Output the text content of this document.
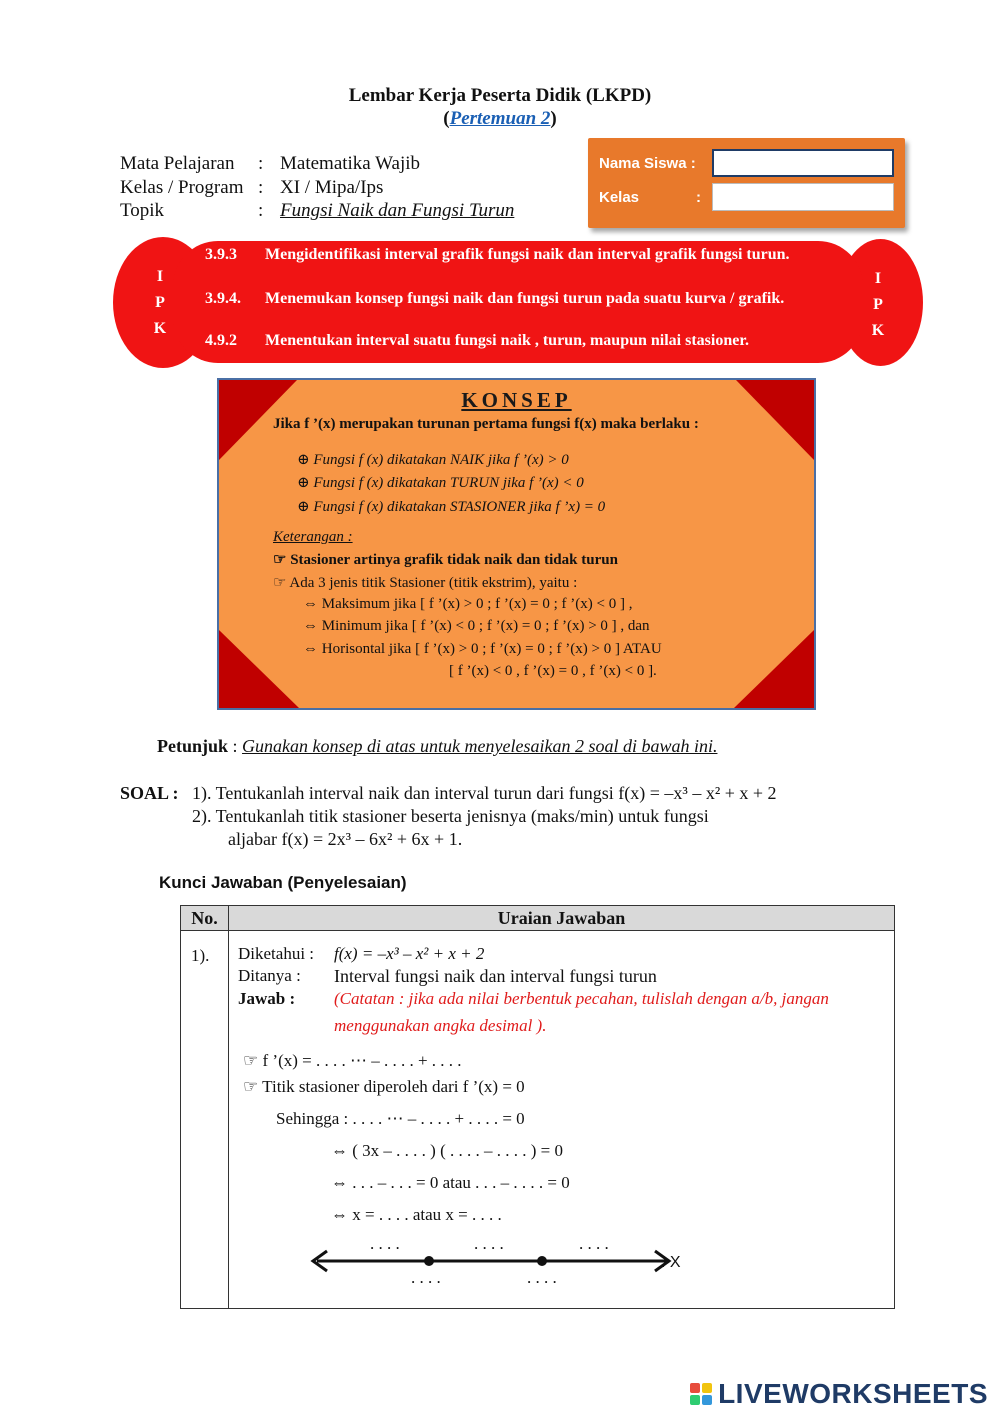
Lembar Kerja Peserta Didik (LKPD)
(Pertemuan 2)
Mata Pelajaran	: Matematika Wajib
Kelas / Program : XI / Mipa/Ips
Topik	: Fungsi Naik dan Fungsi Turun
Nama Siswa :
Kelas	:
I
P
K
I
P
K
3.9.3	Mengidentifikasi interval grafik fungsi naik dan interval grafik fungsi turun.
3.9.4.	Menemukan konsep fungsi naik dan fungsi turun pada suatu kurva / grafik.
4.9.2	Menentukan interval suatu fungsi naik , turun, maupun nilai stasioner.
KONSEP
Jika f ’(x) merupakan turunan pertama fungsi f(x) maka berlaku :
⊕ Fungsi f (x) dikatakan NAIK jika f ’(x) > 0
⊕ Fungsi f (x) dikatakan TURUN jika f ’(x) < 0
⊕ Fungsi f (x) dikatakan STASIONER jika f ’x) = 0
Keterangan :
☞ Stasioner artinya grafik tidak naik dan tidak turun
☞ Ada 3 jenis titik Stasioner (titik ekstrim), yaitu :
⇔ Maksimum jika [ f ’(x) > 0 ; f ’(x) = 0 ; f ’(x) < 0 ] ,
⇔ Minimum jika [ f ’(x) < 0 ; f ’(x) = 0 ; f ’(x) > 0 ] , dan
⇔ Horisontal jika [ f ’(x) > 0 ; f ’(x) = 0 ; f ’(x) > 0 ] ATAU
[ f ’(x) < 0 , f ’(x) = 0 , f ’(x) < 0 ].
Petunjuk : Gunakan konsep di atas untuk menyelesaikan 2 soal di bawah ini.
SOAL : 1). Tentukanlah interval naik dan interval turun dari fungsi f(x) = –x³ – x² + x + 2
2). Tentukanlah titik stasioner beserta jenisnya (maks/min) untuk fungsi
aljabar f(x) = 2x³ – 6x² + 6x + 1.
Kunci Jawaban (Penyelesaian)
No.	Uraian Jawaban
1). Diketahui : f(x) = –x³ – x² + x + 2
Ditanya : Interval fungsi naik dan interval fungsi turun
Jawab : (Catatan : jika ada nilai berbentuk pecahan, tulislah dengan a/b, jangan
menggunakan angka desimal ).
☞ f ’(x) = . . . . ⋯ – . . . . + . . . .
☞ Titik stasioner diperoleh dari f ’(x) = 0
Sehingga : . . . . ⋯ – . . . . + . . . . = 0
⇔ ( 3x – . . . . ) ( . . . . – . . . . ) = 0
⇔ . . . – . . . = 0 atau . . . – . . . . = 0
⇔ x = . . . . atau x = . . . .
. . . .	. . . .	. . . .
. X
. . . .	. . . .
LIVEWORKSHEETS
